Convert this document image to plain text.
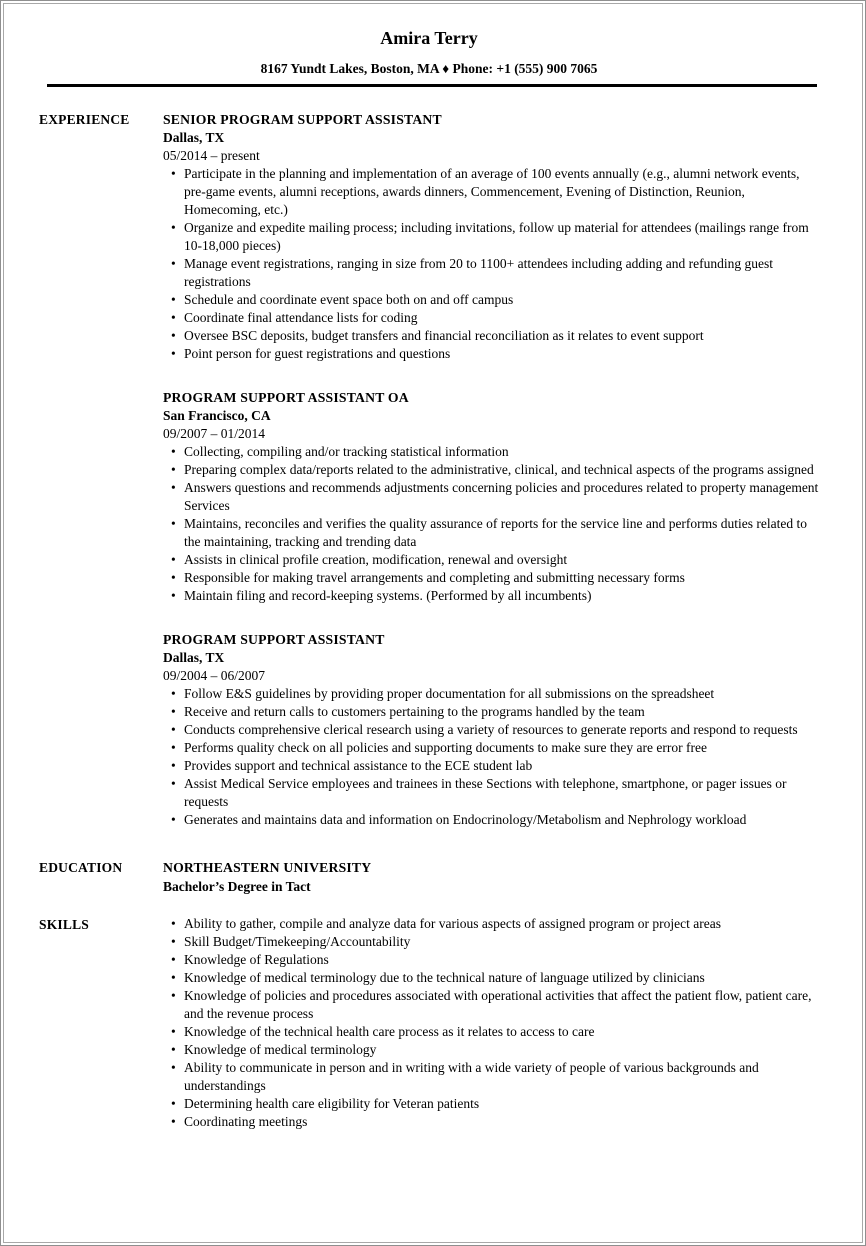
Amira Terry
8167 Yundt Lakes, Boston, MA ♦ Phone: +1 (555) 900 7065
EXPERIENCE	SENIOR PROGRAM SUPPORT ASSISTANT
Dallas, TX
05/2014 – present
• Participate in the planning and implementation of an average of 100 events annually (e.g., alumni network events, pre-game events, alumni receptions, awards dinners, Commencement, Evening of Distinction, Reunion, Homecoming, etc.)
• Organize and expedite mailing process; including invitations, follow up material for attendees (mailings range from 10-18,000 pieces)
• Manage event registrations, ranging in size from 20 to 1100+ attendees including adding and refunding guest registrations
• Schedule and coordinate event space both on and off campus
• Coordinate final attendance lists for coding
• Oversee BSC deposits, budget transfers and financial reconciliation as it relates to event support
• Point person for guest registrations and questions
PROGRAM SUPPORT ASSISTANT OA
San Francisco, CA
09/2007 – 01/2014
• Collecting, compiling and/or tracking statistical information
• Preparing complex data/reports related to the administrative, clinical, and technical aspects of the programs assigned
• Answers questions and recommends adjustments concerning policies and procedures related to property management Services
• Maintains, reconciles and verifies the quality assurance of reports for the service line and performs duties related to the maintaining, tracking and trending data
• Assists in clinical profile creation, modification, renewal and oversight
• Responsible for making travel arrangements and completing and submitting necessary forms
• Maintain filing and record-keeping systems. (Performed by all incumbents)
PROGRAM SUPPORT ASSISTANT
Dallas, TX
09/2004 – 06/2007
• Follow E&S guidelines by providing proper documentation for all submissions on the spreadsheet
• Receive and return calls to customers pertaining to the programs handled by the team
• Conducts comprehensive clerical research using a variety of resources to generate reports and respond to requests
• Performs quality check on all policies and supporting documents to make sure they are error free
• Provides support and technical assistance to the ECE student lab
• Assist Medical Service employees and trainees in these Sections with telephone, smartphone, or pager issues or requests
• Generates and maintains data and information on Endocrinology/Metabolism and Nephrology workload
EDUCATION	NORTHEASTERN UNIVERSITY
Bachelor’s Degree in Tact
SKILLS	• Ability to gather, compile and analyze data for various aspects of assigned program or project areas
• Skill Budget/Timekeeping/Accountability
• Knowledge of Regulations
• Knowledge of medical terminology due to the technical nature of language utilized by clinicians
• Knowledge of policies and procedures associated with operational activities that affect the patient flow, patient care, and the revenue process
• Knowledge of the technical health care process as it relates to access to care
• Knowledge of medical terminology
• Ability to communicate in person and in writing with a wide variety of people of various backgrounds and understandings
• Determining health care eligibility for Veteran patients
• Coordinating meetings
